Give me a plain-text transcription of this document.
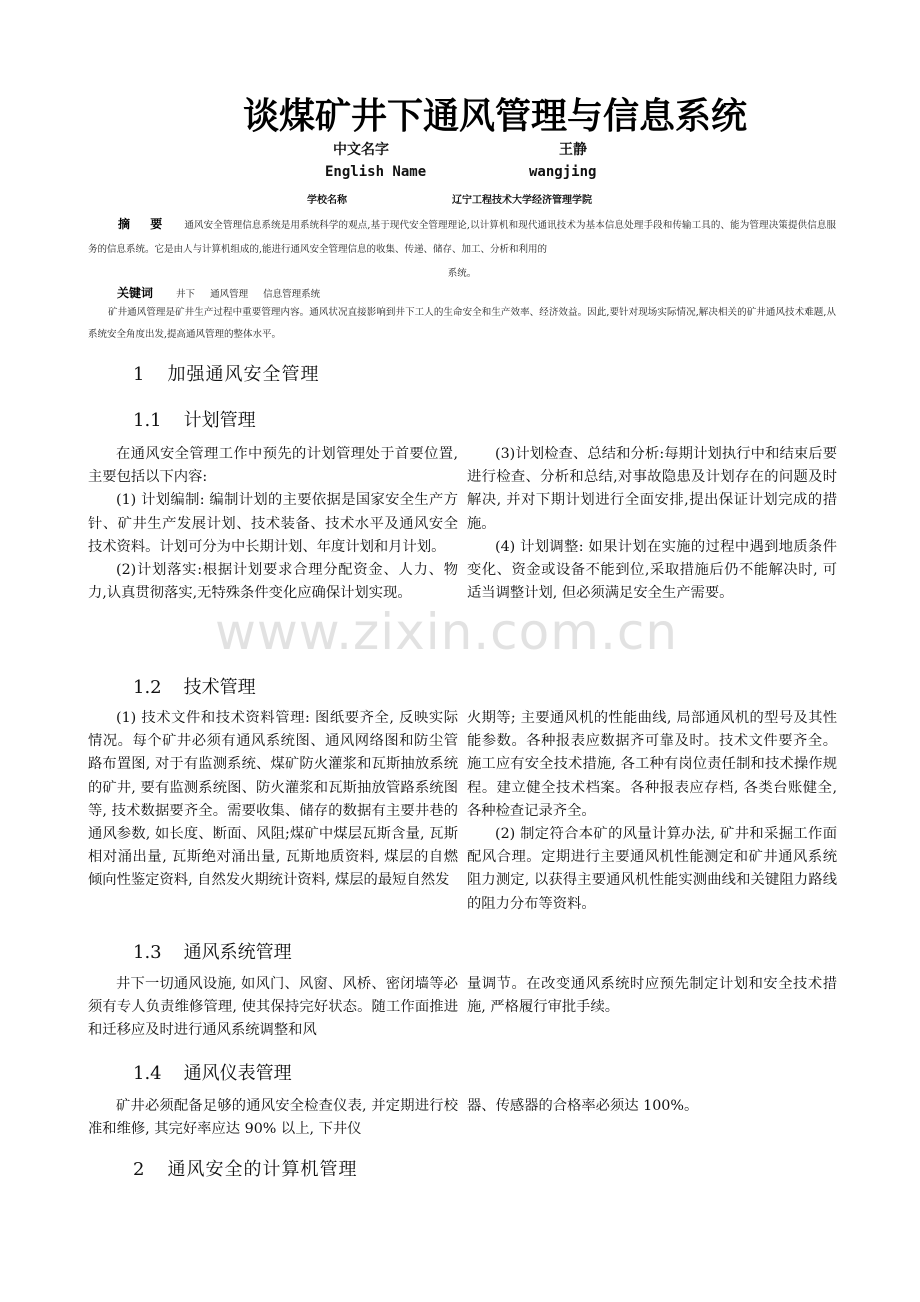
谈煤矿井下通风管理与信息系统
中文名字	王静
English Name	wangjing
学校名称	辽宁工程技术大学经济管理学院
摘　要 通风安全管理信息系统是用系统科学的观点,基于现代安全管理理论,以计算机和现代通讯技术为基本信息处理手段和传输工具的、能为管理决策提供信息服务的信息系统。它是由人与计算机组成的,能进行通风安全管理信息的收集、传递、储存、加工、分析和利用的
系统。
关键词 井下 通风管理 信息管理系统
矿井通风管理是矿井生产过程中重要管理内容。通风状况直接影响到井下工人的生命安全和生产效率、经济效益。因此,要针对现场实际情况,解决相关的矿井通风技术难题,从系统安全角度出发,提高通风管理的整体水平。
1 加强通风安全管理
1.1 计划管理

在通风安全管理工作中预先的计划管理处于首要位置,主要包括以下内容:

(1) 计划编制: 编制计划的主要依据是国家安全生产方针、矿井生产发展计划、技术装备、技术水平及通风安全技术资料。计划可分为中长期计划、年度计划和月计划。

(2)计划落实:根据计划要求合理分配资金、人力、物力,认真贯彻落实,无特殊条件变化应确保计划实现。

(3)计划检查、总结和分析:每期计划执行中和结束后要进行检查、分析和总结,对事故隐患及计划存在的问题及时解决, 并对下期计划进行全面安排,提出保证计划完成的措施。

(4) 计划调整: 如果计划在实施的过程中遇到地质条件变化、资金或设备不能到位,采取措施后仍不能解决时, 可适当调整计划, 但必须满足安全生产需要。

1.2 技术管理

(1) 技术文件和技术资料管理: 图纸要齐全, 反映实际情况。每个矿井必须有通风系统图、通风网络图和防尘管路布置图, 对于有监测系统、煤矿防火灌浆和瓦斯抽放系统的矿井, 要有监测系统图、防火灌浆和瓦斯抽放管路系统图等, 技术数据要齐全。需要收集、储存的数据有主要井巷的通风参数, 如长度、断面、风阻;煤矿中煤层瓦斯含量, 瓦斯相对涌出量, 瓦斯绝对涌出量, 瓦斯地质资料, 煤层的自燃倾向性鉴定资料, 自然发火期统计资料, 煤层的最短自然发

火期等; 主要通风机的性能曲线, 局部通风机的型号及其性能参数。各种报表应数据齐可靠及时。技术文件要齐全。施工应有安全技术措施, 各工种有岗位责任制和技术操作规程。建立健全技术档案。各种报表应存档, 各类台账健全, 各种检查记录齐全。

(2) 制定符合本矿的风量计算办法, 矿井和采掘工作面配风合理。定期进行主要通风机性能测定和矿井通风系统阻力测定, 以获得主要通风机性能实测曲线和关键阻力路线的阻力分布等资料。

1.3 通风系统管理

井下一切通风设施, 如风门、风窗、风桥、密闭墙等必须有专人负责维修管理, 使其保持完好状态。随工作面推进和迁移应及时进行通风系统调整和风

量调节。在改变通风系统时应预先制定计划和安全技术措施, 严格履行审批手续。

1.4 通风仪表管理

矿井必须配备足够的通风安全检查仪表, 并定期进行校准和维修, 其完好率应达 90% 以上, 下井仪

器、传感器的合格率必须达 100%。

2 通风安全的计算机管理
www.zixin.com.cn
